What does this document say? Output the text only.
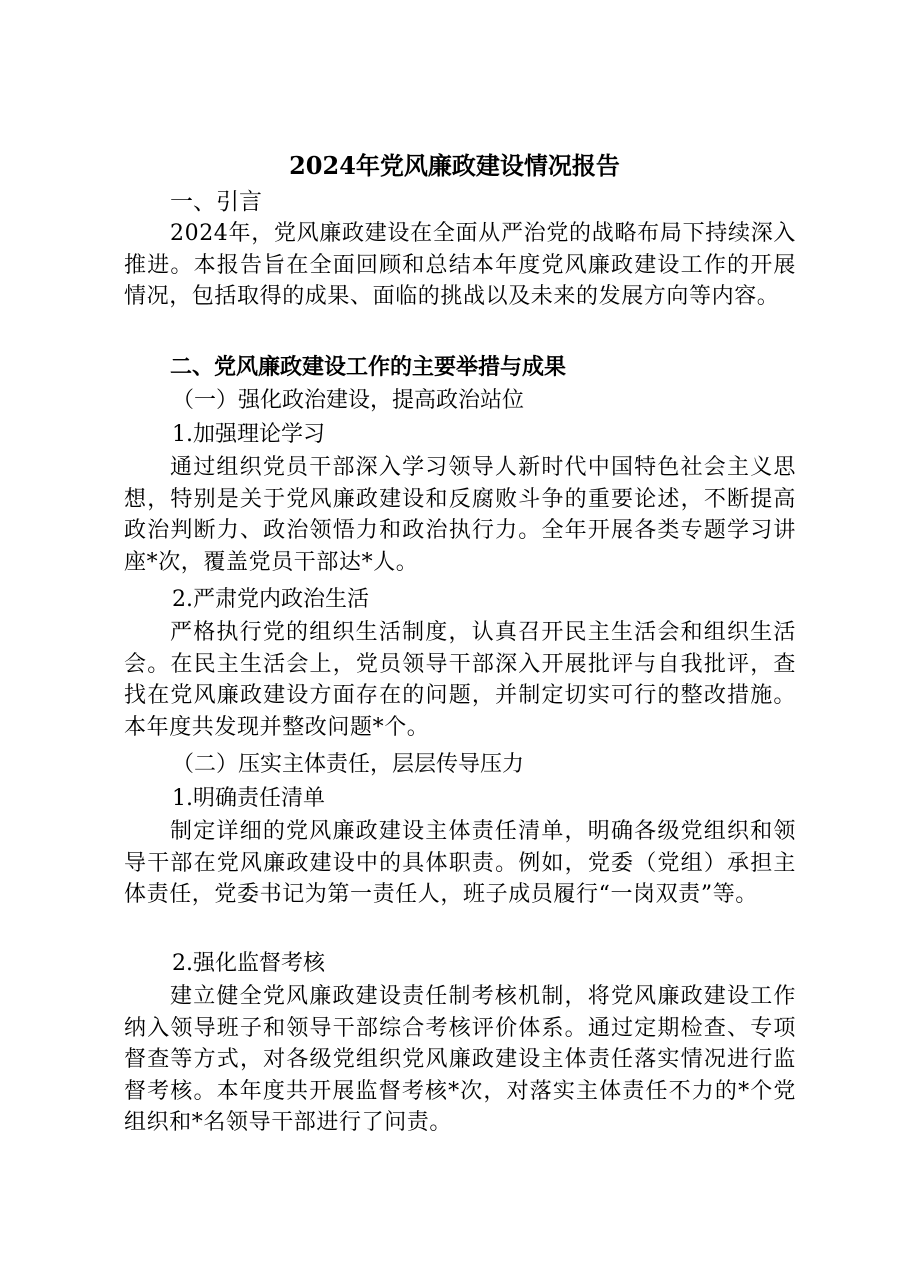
2024年党风廉政建设情况报告
一、引言
2024年，党风廉政建设在全面从严治党的战略布局下持续深入推进。本报告旨在全面回顾和总结本年度党风廉政建设工作的开展情况，包括取得的成果、面临的挑战以及未来的发展方向等内容。
二、党风廉政建设工作的主要举措与成果
（一）强化政治建设，提高政治站位
1.加强理论学习
通过组织党员干部深入学习领导人新时代中国特色社会主义思想，特别是关于党风廉政建设和反腐败斗争的重要论述，不断提高政治判断力、政治领悟力和政治执行力。全年开展各类专题学习讲座*次，覆盖党员干部达*人。
2.严肃党内政治生活
严格执行党的组织生活制度，认真召开民主生活会和组织生活会。在民主生活会上，党员领导干部深入开展批评与自我批评，查找在党风廉政建设方面存在的问题，并制定切实可行的整改措施。本年度共发现并整改问题*个。
（二）压实主体责任，层层传导压力
1.明确责任清单
制定详细的党风廉政建设主体责任清单，明确各级党组织和领导干部在党风廉政建设中的具体职责。例如，党委（党组）承担主体责任，党委书记为第一责任人，班子成员履行“一岗双责”等。
2.强化监督考核
建立健全党风廉政建设责任制考核机制，将党风廉政建设工作纳入领导班子和领导干部综合考核评价体系。通过定期检查、专项督查等方式，对各级党组织党风廉政建设主体责任落实情况进行监督考核。本年度共开展监督考核*次，对落实主体责任不力的*个党组织和*名领导干部进行了问责。
